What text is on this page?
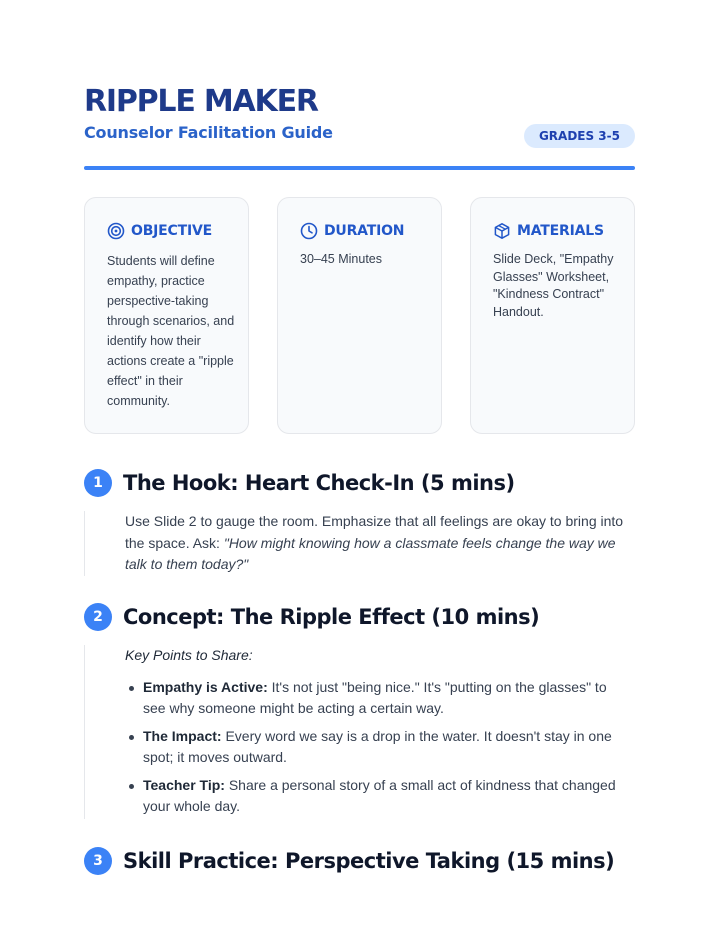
RIPPLE MAKER
Counselor Facilitation Guide	GRADES 3-5
OBJECTIVE
Students will define empathy, practice perspective-taking through scenarios, and identify how their actions create a "ripple effect" in their community.
DURATION
30–45 Minutes
MATERIALS
Slide Deck, "Empathy Glasses" Worksheet, "Kindness Contract" Handout.
1 The Hook: Heart Check-In (5 mins)
Use Slide 2 to gauge the room. Emphasize that all feelings are okay to bring into the space. Ask: "How might knowing how a classmate feels change the way we talk to them today?"
2 Concept: The Ripple Effect (10 mins)
Key Points to Share:
Empathy is Active: It's not just "being nice." It's "putting on the glasses" to see why someone might be acting a certain way.
The Impact: Every word we say is a drop in the water. It doesn't stay in one spot; it moves outward.
Teacher Tip: Share a personal story of a small act of kindness that changed your whole day.
3 Skill Practice: Perspective Taking (15 mins)
